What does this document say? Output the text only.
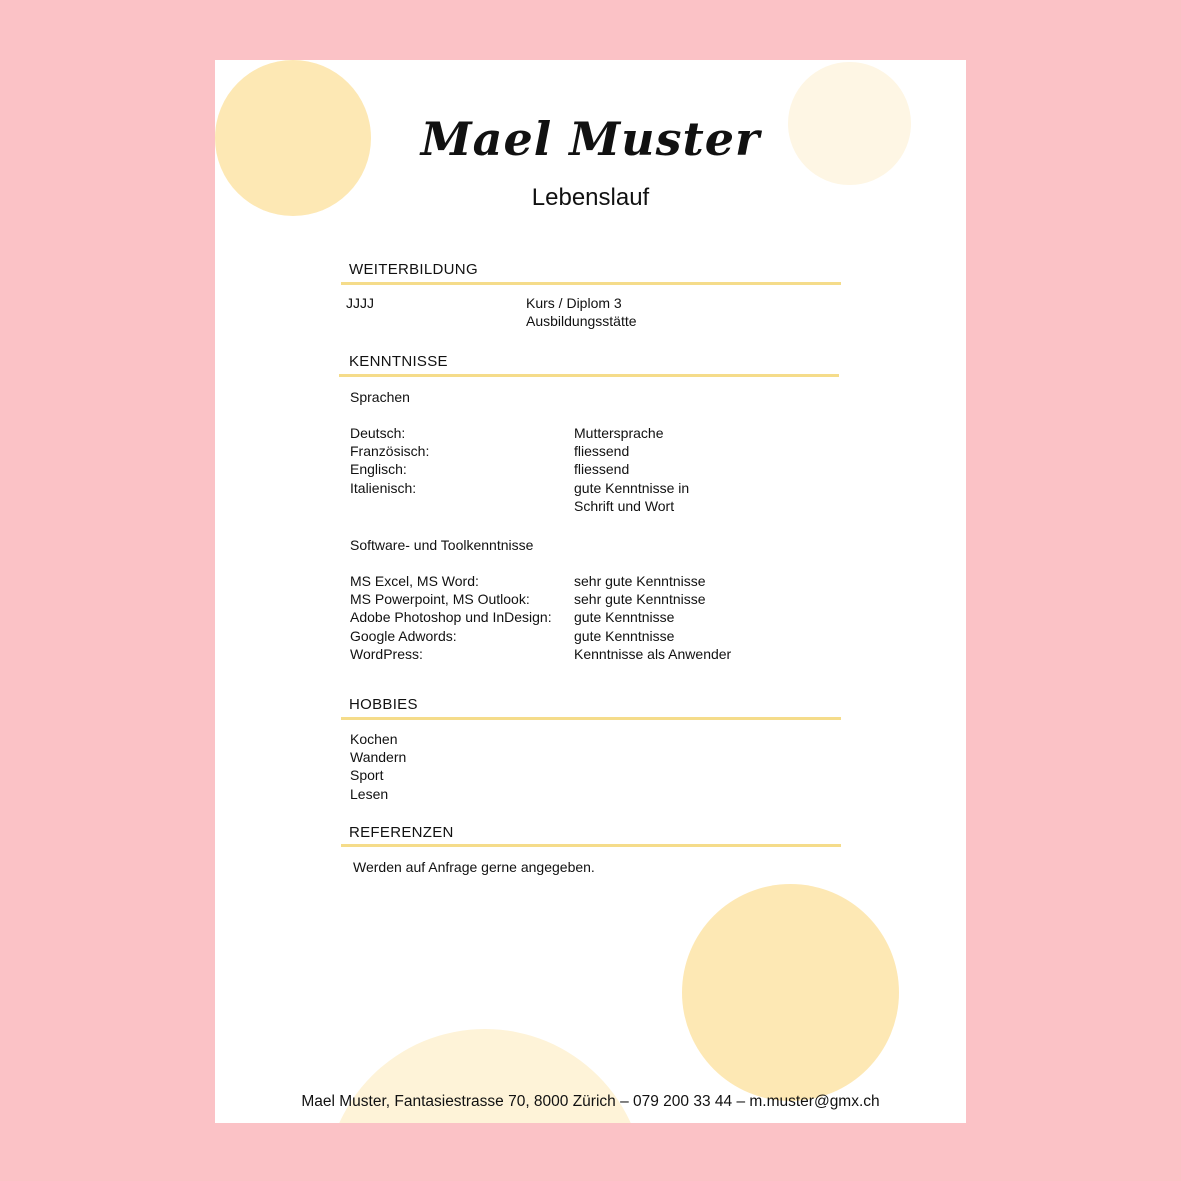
Mael Muster
Lebenslauf
WEITERBILDUNG
JJJJ	Kurs / Diplom 3
Ausbildungsstätte
KENNTNISSE
Sprachen
Deutsch:
Französisch:
Englisch:
Italienisch:
Muttersprache
fliessend
fliessend
gute Kenntnisse in
Schrift und Wort
Software- und Toolkenntnisse
MS Excel, MS Word:
MS Powerpoint, MS Outlook:
Adobe Photoshop und InDesign:
Google Adwords:
WordPress:
sehr gute Kenntnisse
sehr gute Kenntnisse
gute Kenntnisse
gute Kenntnisse
Kenntnisse als Anwender
HOBBIES
Kochen
Wandern
Sport
Lesen
REFERENZEN
Werden auf Anfrage gerne angegeben.
Mael Muster, Fantasiestrasse 70, 8000 Zürich – 079 200 33 44 – m.muster@gmx.ch
